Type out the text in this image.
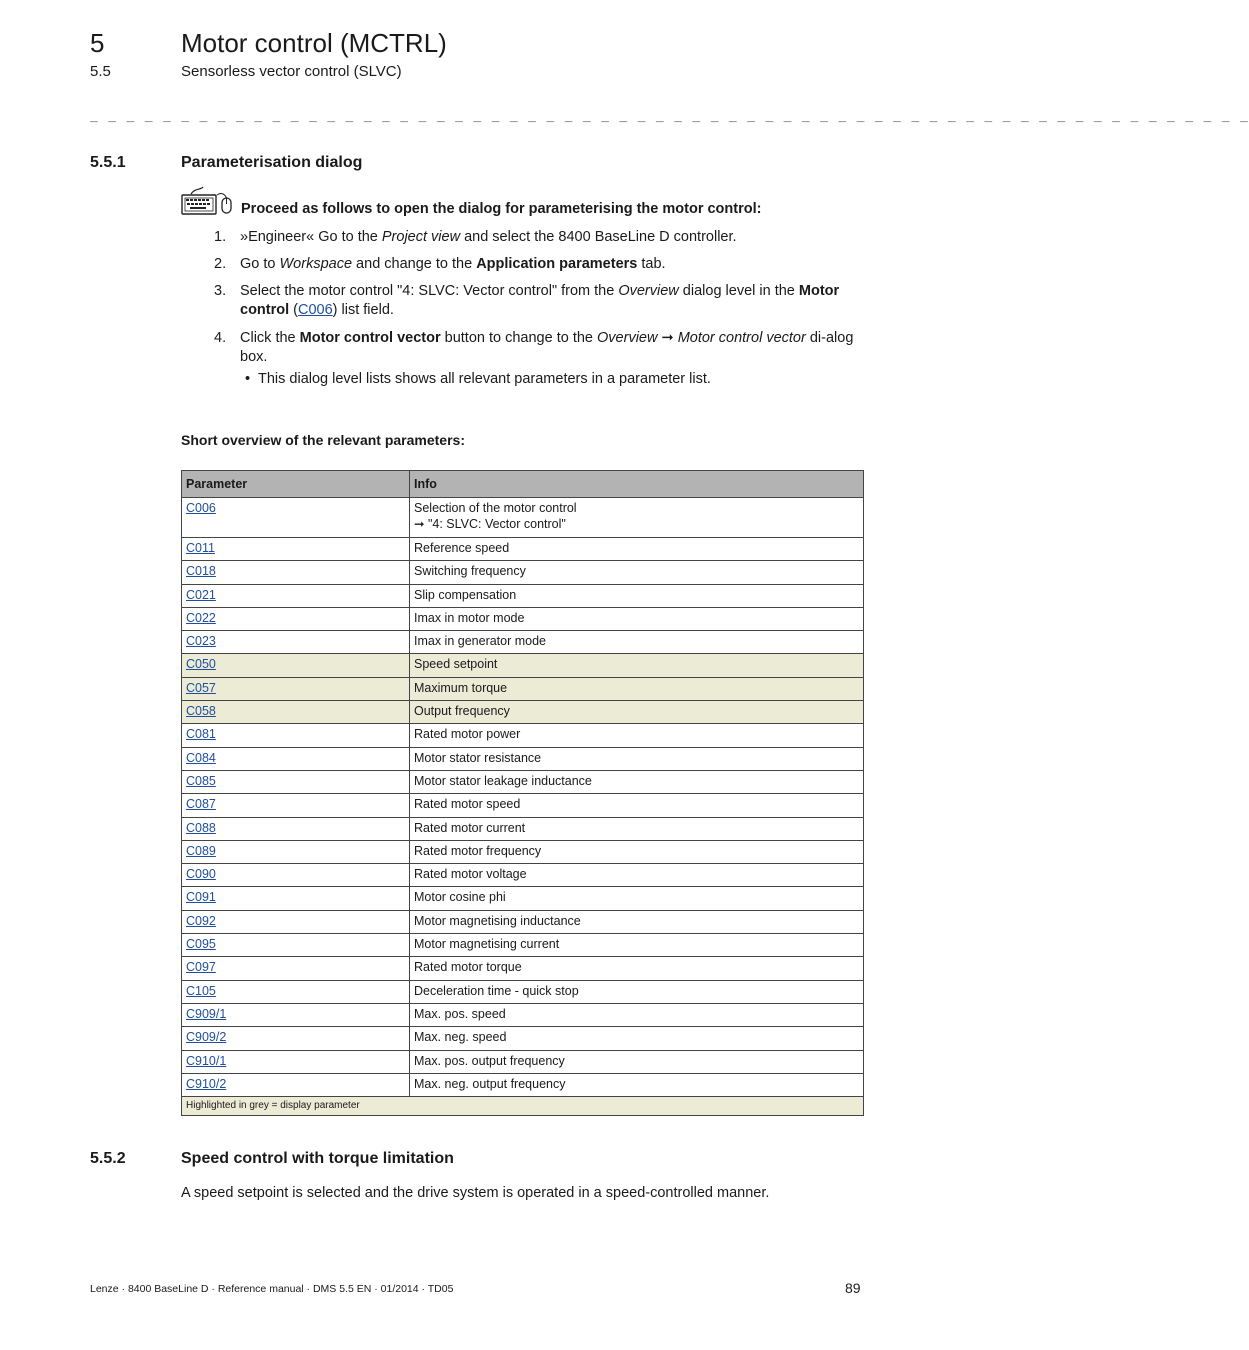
5	Motor control (MCTRL)
5.5	Sensorless vector control (SLVC)
_ _ _ _ _ _ _ _ _ _ _ _ _ _ _ _ _ _ _ _ _ _ _ _ _ _ _ _ _ _ _ _ _ _ _ _ _ _ _ _ _ _ _ _ _ _ _ _ _ _ _ _ _ _ _ _ _ _ _ _ _ _ _ _
5.5.1	Parameterisation dialog
Proceed as follows to open the dialog for parameterising the motor control:
1. »Engineer« Go to the Project view and select the 8400 BaseLine D controller.
2. Go to Workspace and change to the Application parameters tab.
3. Select the motor control "4: SLVC: Vector control" from the Overview dialog level in the Motor control (C006) list field.
4. Click the Motor control vector button to change to the Overview ➞ Motor control vector di-alog box.
• This dialog level lists shows all relevant parameters in a parameter list.
Short overview of the relevant parameters:
Parameter	Info
C006	Selection of the motor control
➞ "4: SLVC: Vector control"

C011	Reference speed

C018	Switching frequency

C021	Slip compensation

C022	Imax in motor mode

C023	Imax in generator mode

C050	Speed setpoint

C057	Maximum torque

C058	Output frequency

C081	Rated motor power

C084	Motor stator resistance

C085	Motor stator leakage inductance

C087	Rated motor speed

C088	Rated motor current

C089	Rated motor frequency

C090	Rated motor voltage

C091	Motor cosine phi

C092	Motor magnetising inductance

C095	Motor magnetising current

C097	Rated motor torque

C105	Deceleration time - quick stop

C909/1	Max. pos. speed

C909/2	Max. neg. speed

C910/1	Max. pos. output frequency

C910/2	Max. neg. output frequency

Highlighted in grey = display parameter	
5.5.2	Speed control with torque limitation
A speed setpoint is selected and the drive system is operated in a speed-controlled manner.
Lenze · 8400 BaseLine D · Reference manual · DMS 5.5 EN · 01/2014 · TD05	89
